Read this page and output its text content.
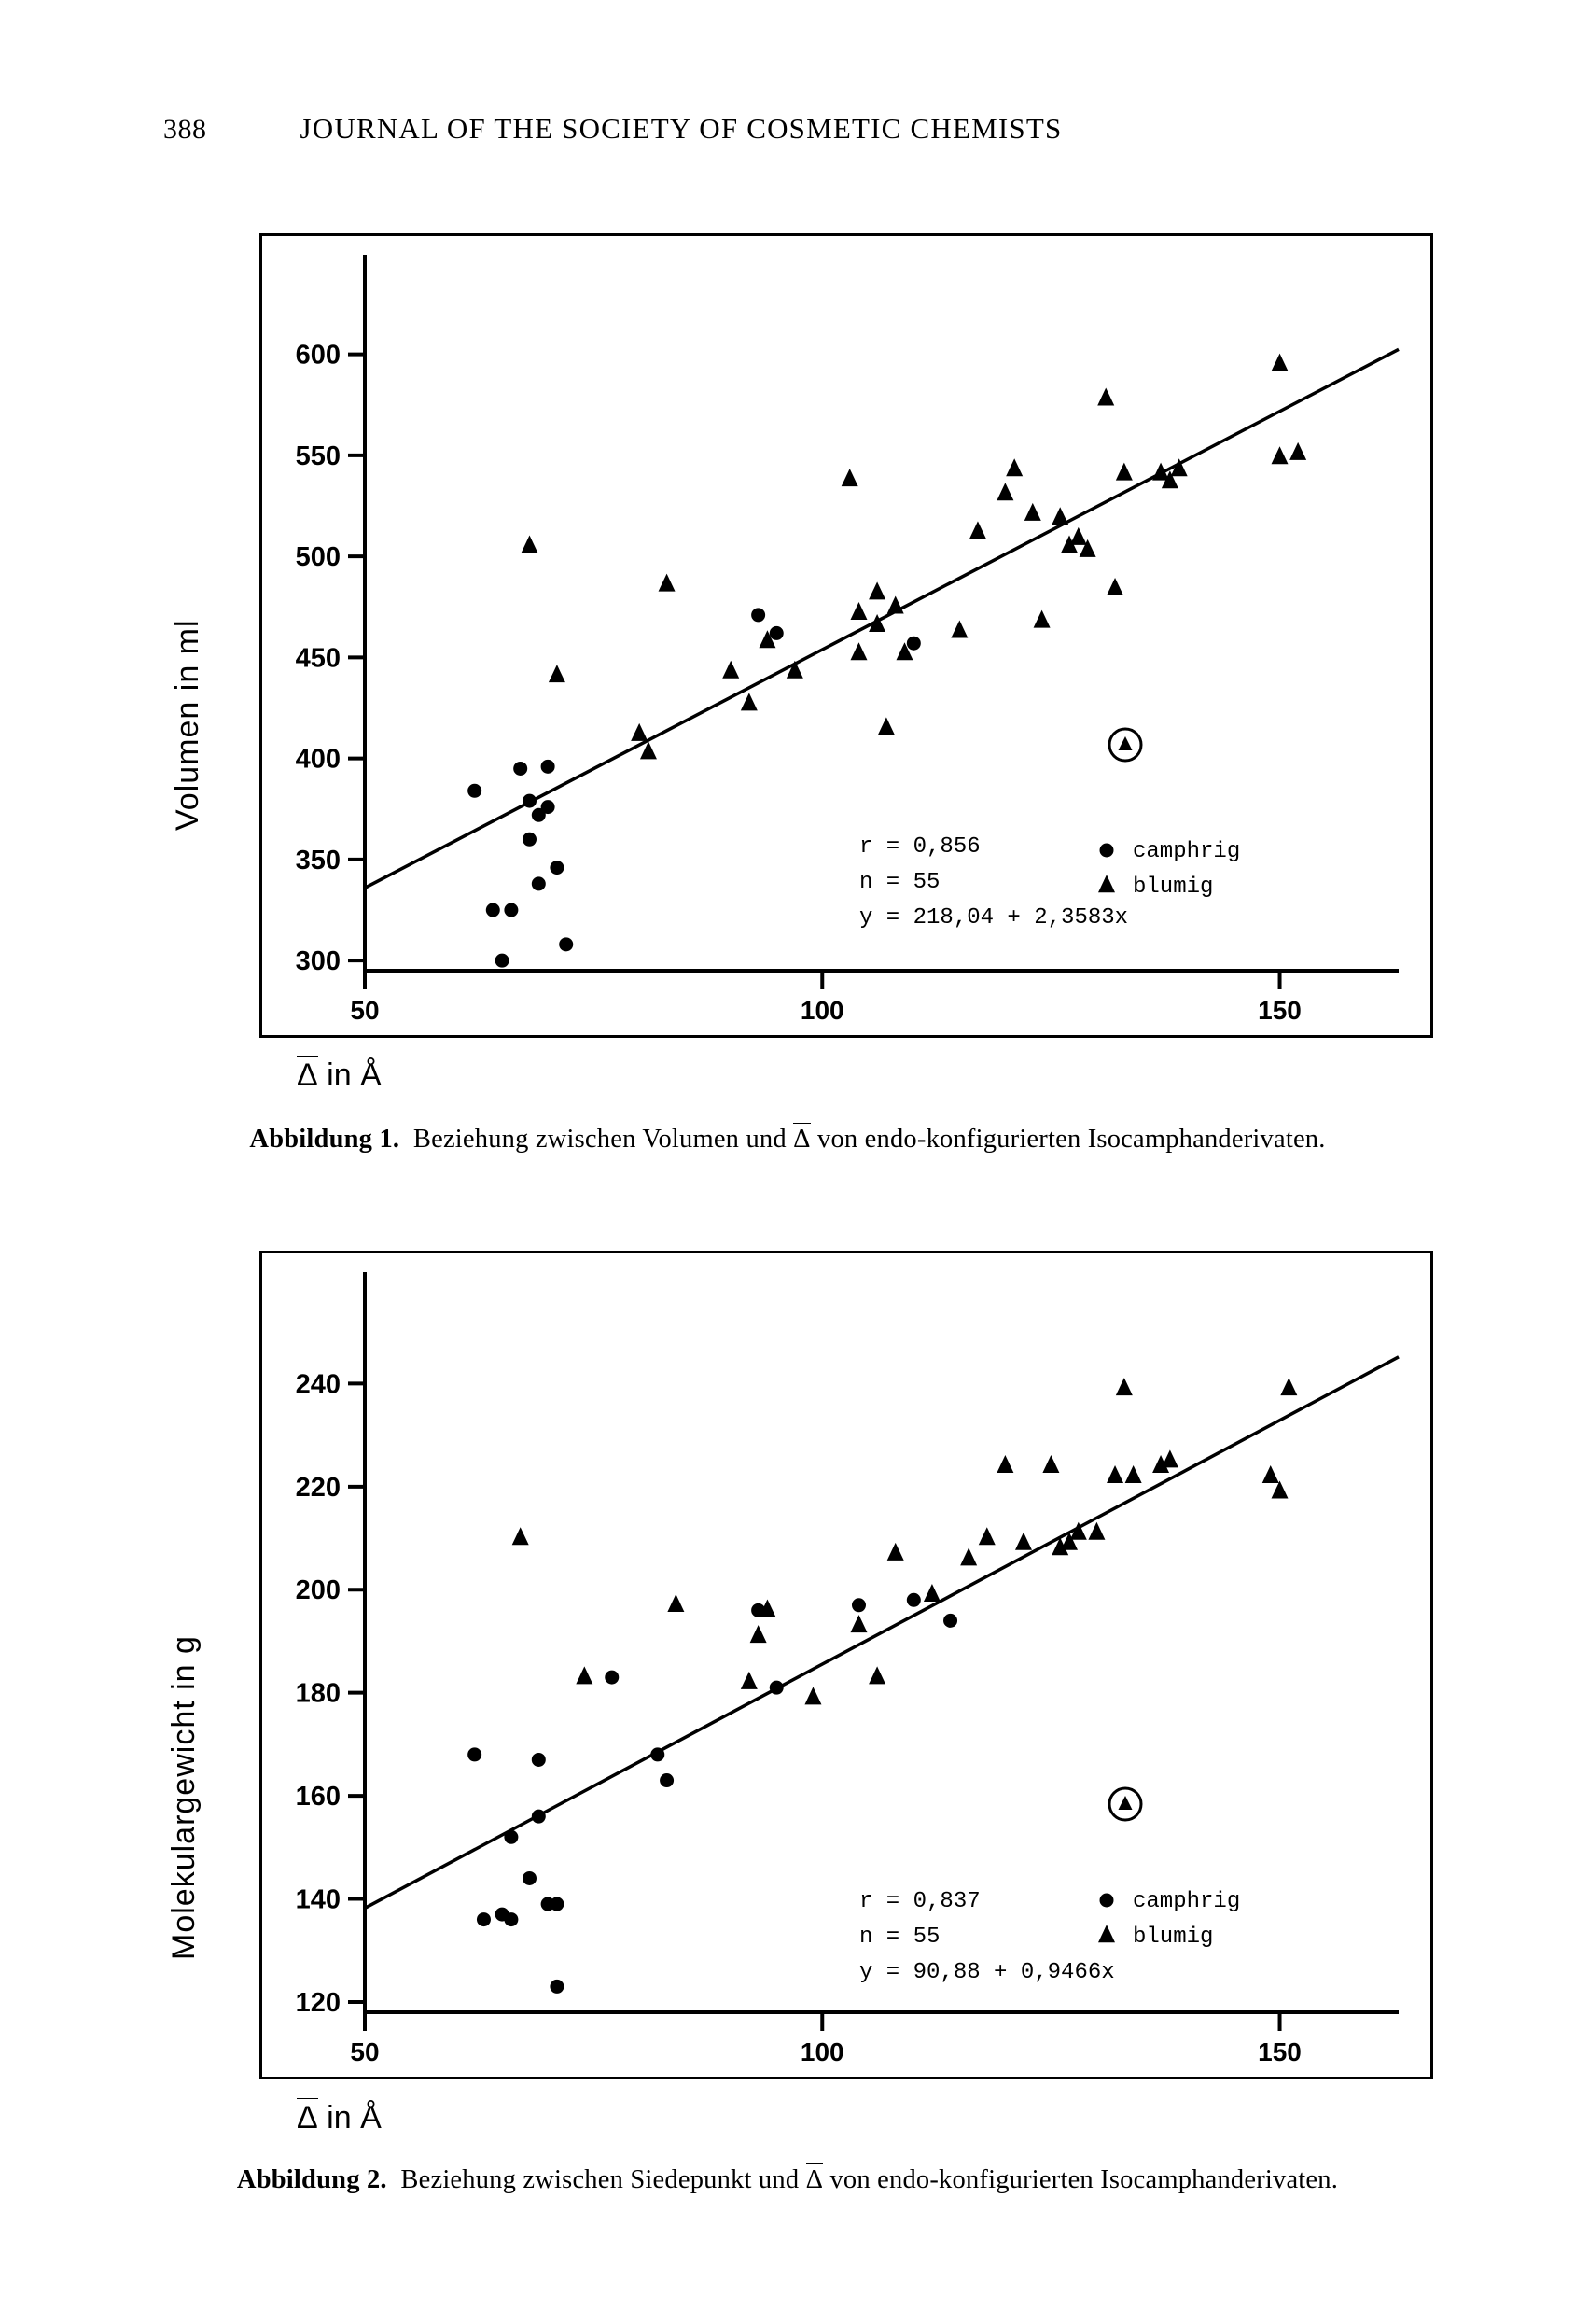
388	JOURNAL OF THE SOCIETY OF COSMETIC CHEMISTS
300
350
400
450
500
550
600
50	100	150
r = 0,856
n = 55
y = 218,04 + 2,3583x
camphrig
blumig
Volumen in ml
Δ in Å
Abbildung 1. Beziehung zwischen Volumen und Δ von endo-konfigurierten Isocamphanderivaten.
120
140
160
180
200
220
240
50	100	150
r = 0,837
n = 55
y = 90,88 + 0,9466x
camphrig
blumig
Molekulargewicht in g
Δ in Å
Abbildung 2. Beziehung zwischen Siedepunkt und Δ von endo-konfigurierten Isocamphanderivaten.
